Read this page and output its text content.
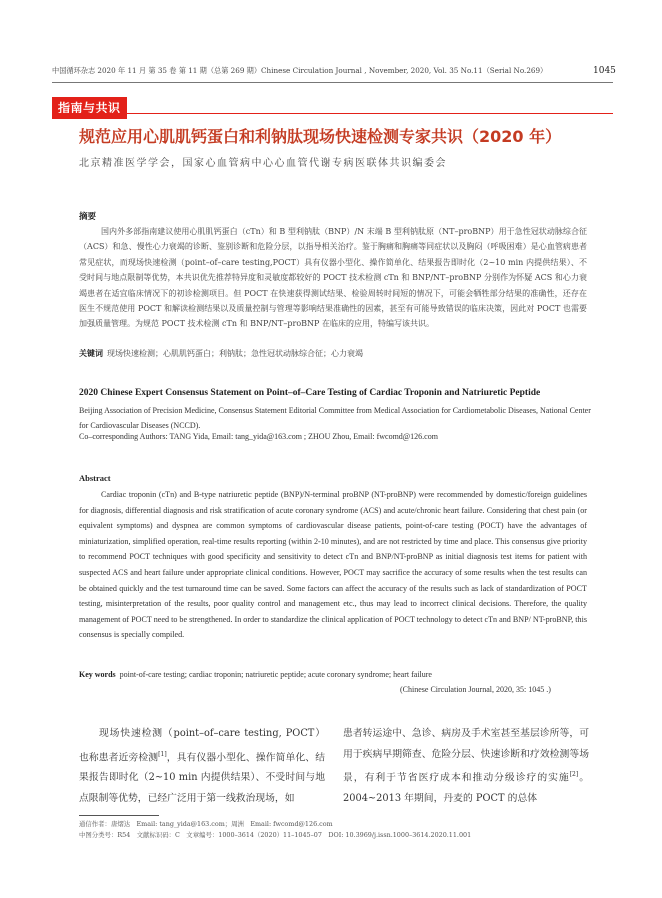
中国循环杂志 2020 年 11 月 第 35 卷 第 11 期（总第 269 期）Chinese Circulation Journal , November, 2020, Vol. 35 No.11（Serial No.269）	1045
指南与共识
规范应用心肌肌钙蛋白和利钠肽现场快速检测专家共识（2020 年）
北京精准医学学会，国家心血管病中心心血管代谢专病医联体共识编委会
摘要
国内外多部指南建议使用心肌肌钙蛋白（cTn）和 B 型利钠肽（BNP）/N 末端 B 型利钠肽原（NT–proBNP）用于急性冠状动脉综合征（ACS）和急、慢性心力衰竭的诊断、鉴别诊断和危险分层，以指导相关治疗。鉴于胸痛和胸痛等同症状以及胸闷（呼吸困难）是心血管病患者常见症状，而现场快速检测（point–of–care testing,POCT）具有仪器小型化、操作简单化、结果报告即时化（2~10 min 内提供结果）、不受时间与地点限制等优势，本共识优先推荐特异度和灵敏度都较好的 POCT 技术检测 cTn 和 BNP/NT–proBNP 分别作为怀疑 ACS 和心力衰竭患者在适宜临床情况下的初诊检测项目。但 POCT 在快速获得测试结果、检验周转时间短的情况下，可能会牺牲部分结果的准确性，还存在医生不规范使用 POCT 和解读检测结果以及质量控制与管理等影响结果准确性的因素，甚至有可能导致错误的临床决策，因此对 POCT 也需要加强质量管理。为规范 POCT 技术检测 cTn 和 BNP/NT–proBNP 在临床的应用，特编写该共识。
关键词 现场快速检测；心肌肌钙蛋白；利钠肽；急性冠状动脉综合征；心力衰竭
2020 Chinese Expert Consensus Statement on Point–of–Care Testing of Cardiac Troponin and Natriuretic Peptide
Beijing Association of Precision Medicine, Consensus Statement Editorial Committee from Medical Association for Cardiometabolic Diseases, National Center for Cardiovascular Diseases (NCCD).
Co–corresponding Authors: TANG Yida, Email: tang_yida@163.com ; ZHOU Zhou, Email: fwcomd@126.com
Abstract
Cardiac troponin (cTn) and B-type natriuretic peptide (BNP)/N-terminal proBNP (NT-proBNP) were recommended by domestic/foreign guidelines for diagnosis, differential diagnosis and risk stratification of acute coronary syndrome (ACS) and acute/chronic heart failure. Considering that chest pain (or equivalent symptoms) and dyspnea are common symptoms of cardiovascular disease patients, point-of-care testing (POCT) have the advantages of miniaturization, simplified operation, real-time results reporting (within 2-10 minutes), and are not restricted by time and place. This consensus give priority to recommend POCT techniques with good specificity and sensitivity to detect cTn and BNP/NT-proBNP as initial diagnosis test items for patient with suspected ACS and heart failure under appropriate clinical conditions. However, POCT may sacrifice the accuracy of some results when the test results can be obtained quickly and the test turnaround time can be saved. Some factors can affect the accuracy of the results such as lack of standardization of POCT testing, misinterpretation of the results, poor quality control and management etc., thus may lead to incorrect clinical decisions. Therefore, the quality management of POCT need to be strengthened. In order to standardize the clinical application of POCT technology to detect cTn and BNP/ NT-proBNP, this consensus is specially compiled.
Key words point-of-care testing; cardiac troponin; natriuretic peptide; acute coronary syndrome; heart failure
(Chinese Circulation Journal, 2020, 35: 1045 .)
现场快速检测（point–of–care testing, POCT）也称患者近旁检测[1]，具有仪器小型化、操作简单化、结果报告即时化（2~10 min 内提供结果）、不受时间与地点限制等优势，已经广泛用于第一线救治现场，如
患者转运途中、急诊、病房及手术室甚至基层诊所等，可用于疾病早期筛查、危险分层、快速诊断和疗效检测等场景，有利于节省医疗成本和推动分级诊疗的实施[2]。2004~2013 年期间，丹麦的 POCT 的总体
通信作者：唐熠达　Email: tang_yida@163.com；周洲　Email: fwcomd@126.com
中图分类号：R54　文献标识码：C　文章编号：1000–3614（2020）11–1045–07　DOI: 10.3969/j.issn.1000–3614.2020.11.001
